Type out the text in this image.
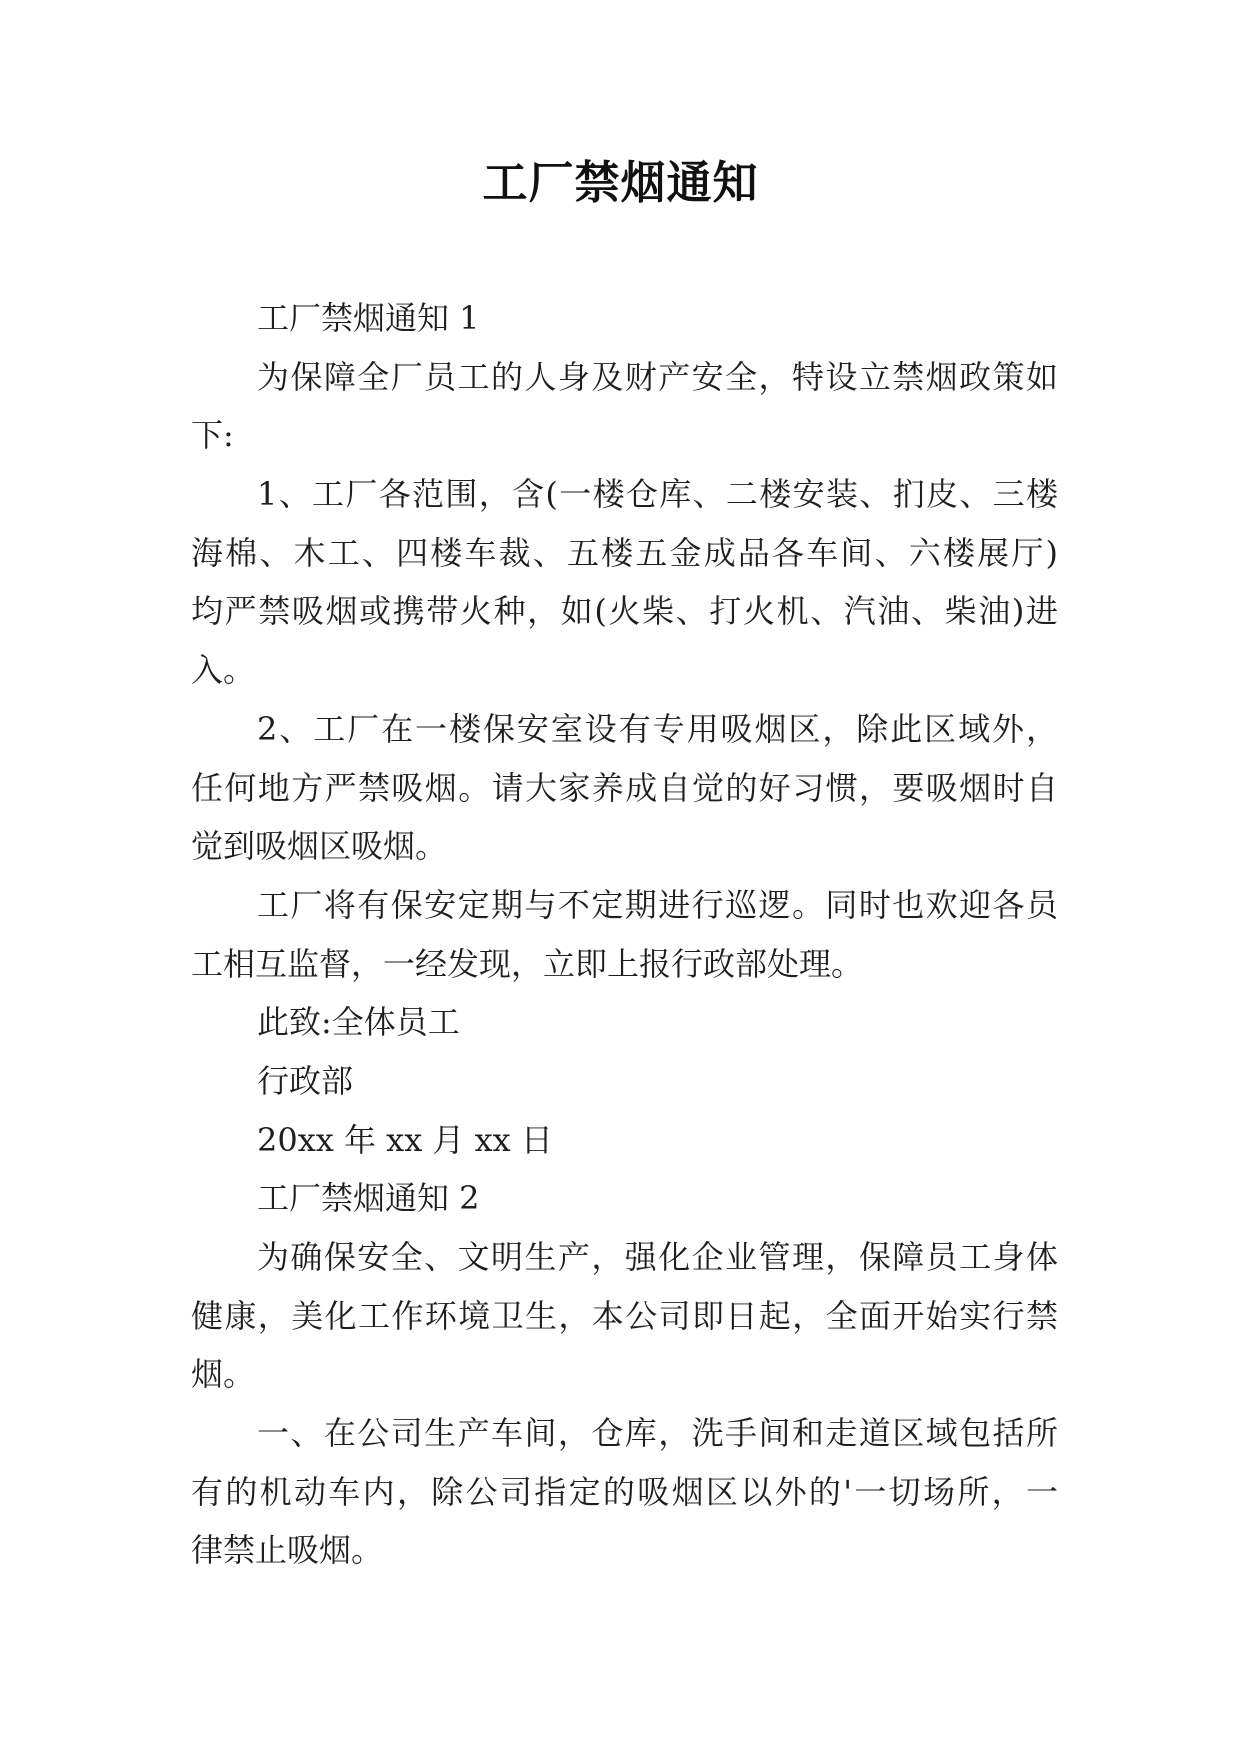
工厂禁烟通知
工厂禁烟通知 1
为保障全厂员工的人身及财产安全，特设立禁烟政策如
下:
1、工厂各范围，含(一楼仓库、二楼安装、扪皮、三楼
海棉、木工、四楼车裁、五楼五金成品各车间、六楼展厅)
均严禁吸烟或携带火种，如(火柴、打火机、汽油、柴油)进
入。
2、工厂在一楼保安室设有专用吸烟区，除此区域外，
任何地方严禁吸烟。请大家养成自觉的好习惯，要吸烟时自
觉到吸烟区吸烟。
工厂将有保安定期与不定期进行巡逻。同时也欢迎各员
工相互监督，一经发现，立即上报行政部处理。
此致:全体员工
行政部
20xx 年 xx 月 xx 日
工厂禁烟通知 2
为确保安全、文明生产，强化企业管理，保障员工身体
健康，美化工作环境卫生，本公司即日起，全面开始实行禁
烟。
一、在公司生产车间，仓库，洗手间和走道区域包括所
有的机动车内，除公司指定的吸烟区以外的'一切场所，一
律禁止吸烟。
